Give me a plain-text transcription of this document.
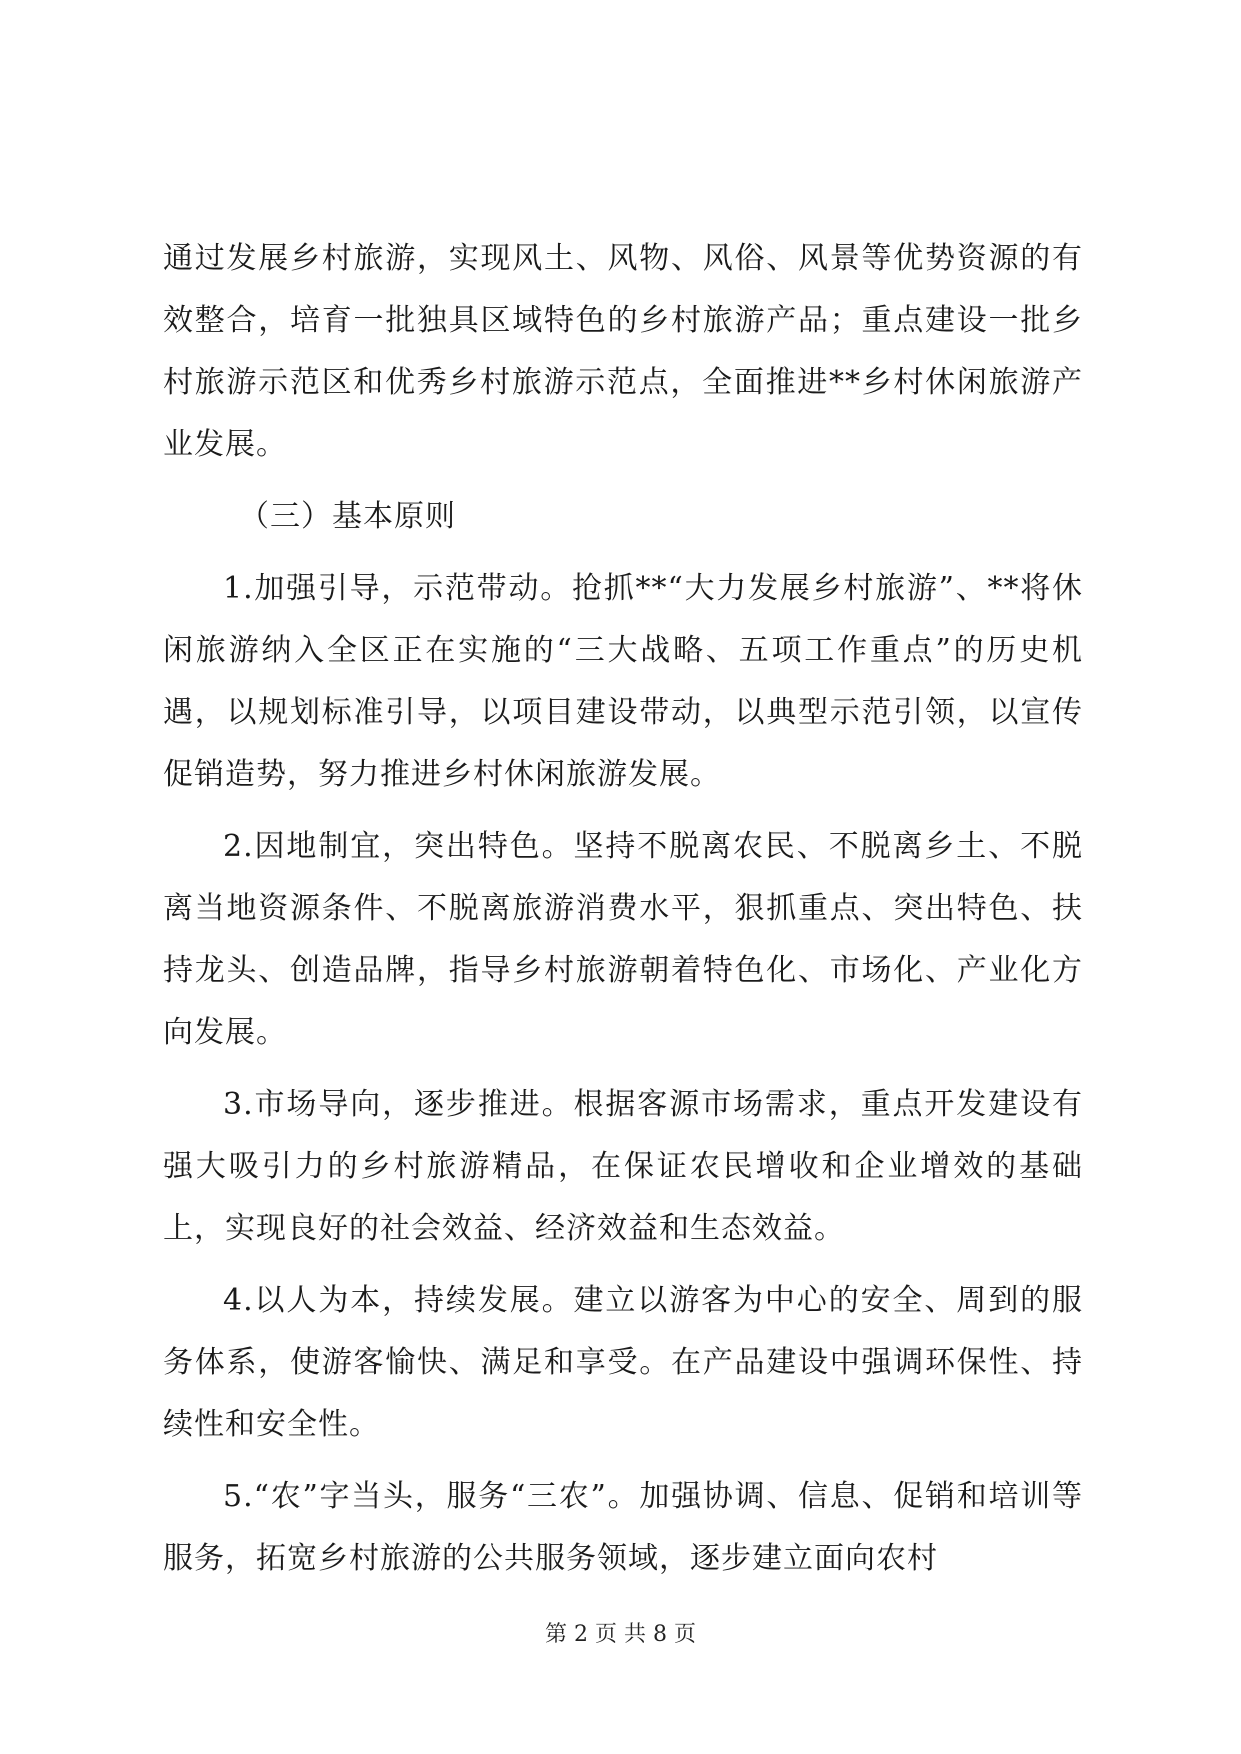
通过发展乡村旅游，实现风土、风物、风俗、风景等优势资源的有效整合，培育一批独具区域特色的乡村旅游产品；重点建设一批乡村旅游示范区和优秀乡村旅游示范点，全面推进**乡村休闲旅游产业发展。

（三）基本原则

1.加强引导，示范带动。抢抓**“大力发展乡村旅游”、**将休闲旅游纳入全区正在实施的“三大战略、五项工作重点”的历史机遇，以规划标准引导，以项目建设带动，以典型示范引领，以宣传促销造势，努力推进乡村休闲旅游发展。

2.因地制宜，突出特色。坚持不脱离农民、不脱离乡土、不脱离当地资源条件、不脱离旅游消费水平，狠抓重点、突出特色、扶持龙头、创造品牌，指导乡村旅游朝着特色化、市场化、产业化方向发展。

3.市场导向，逐步推进。根据客源市场需求，重点开发建设有强大吸引力的乡村旅游精品，在保证农民增收和企业增效的基础上，实现良好的社会效益、经济效益和生态效益。

4.以人为本，持续发展。建立以游客为中心的安全、周到的服务体系，使游客愉快、满足和享受。在产品建设中强调环保性、持续性和安全性。

5.“农”字当头，服务“三农”。加强协调、信息、促销和培训等服务，拓宽乡村旅游的公共服务领域，逐步建立面向农村

第 2 页 共 8 页
